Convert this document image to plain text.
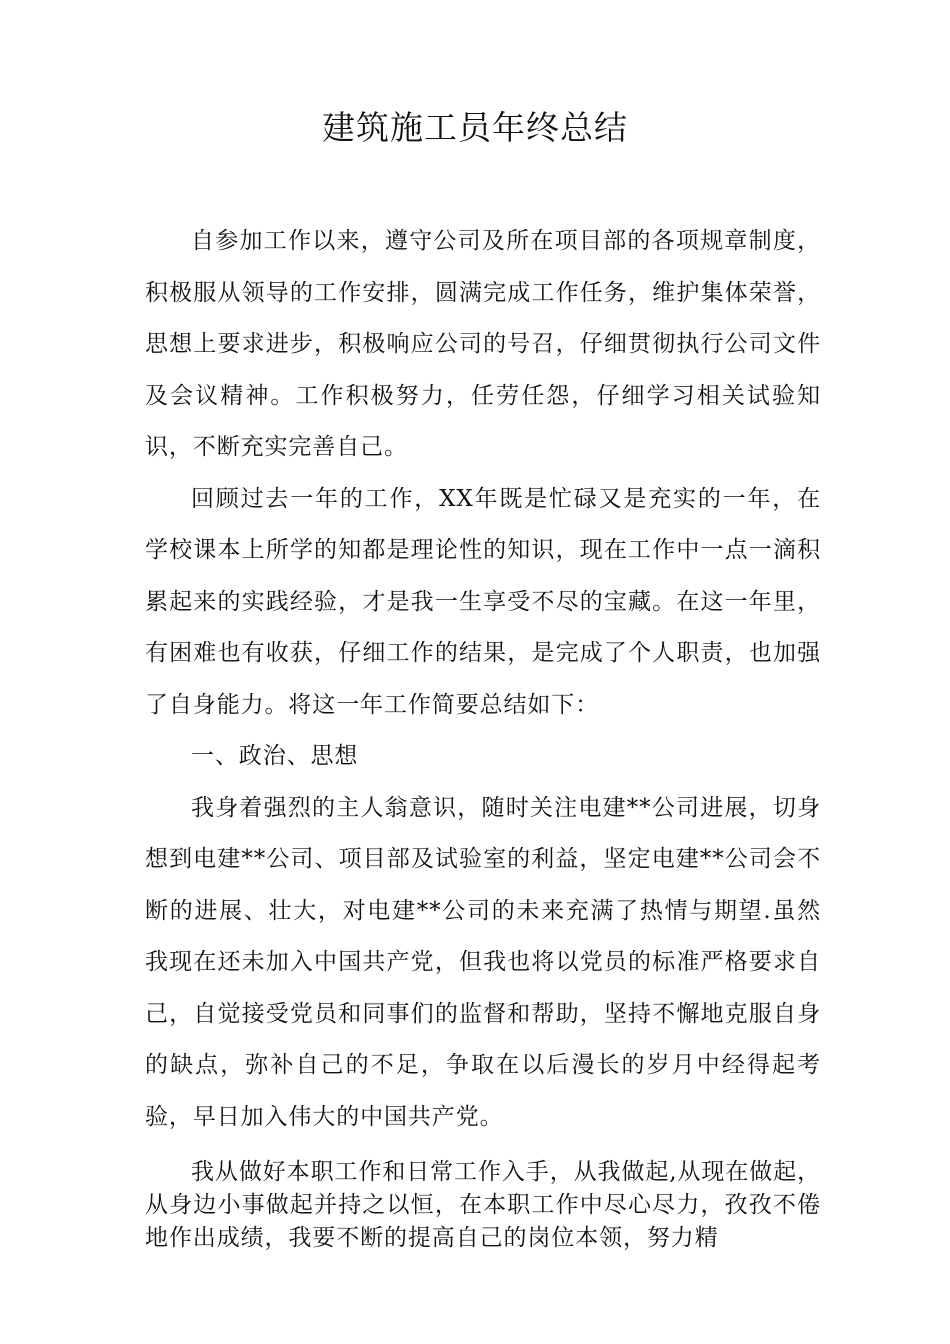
建筑施工员年终总结

自参加工作以来，遵守公司及所在项目部的各项规章制度，积极服从领导的工作安排，圆满完成工作任务，维护集体荣誉，思想上要求进步，积极响应公司的号召，仔细贯彻执行公司文件及会议精神。工作积极努力，任劳任怨，仔细学习相关试验知识，不断充实完善自己。

回顾过去一年的工作，XX年既是忙碌又是充实的一年，在学校课本上所学的知都是理论性的知识，现在工作中一点一滴积累起来的实践经验，才是我一生享受不尽的宝藏。在这一年里，有困难也有收获，仔细工作的结果，是完成了个人职责，也加强了自身能力。将这一年工作简要总结如下：

一、政治、思想

我身着强烈的主人翁意识，随时关注电建**公司进展，切身想到电建**公司、项目部及试验室的利益，坚定电建**公司会不断的进展、壮大，对电建**公司的未来充满了热情与期望.虽然我现在还未加入中国共产党，但我也将以党员的标准严格要求自己，自觉接受党员和同事们的监督和帮助，坚持不懈地克服自身的缺点，弥补自己的不足，争取在以后漫长的岁月中经得起考验，早日加入伟大的中国共产党。

我从做好本职工作和日常工作入手，从我做起,从现在做起，从身边小事做起并持之以恒，在本职工作中尽心尽力，孜孜不倦地作出成绩，我要不断的提高自己的岗位本领，努力精
